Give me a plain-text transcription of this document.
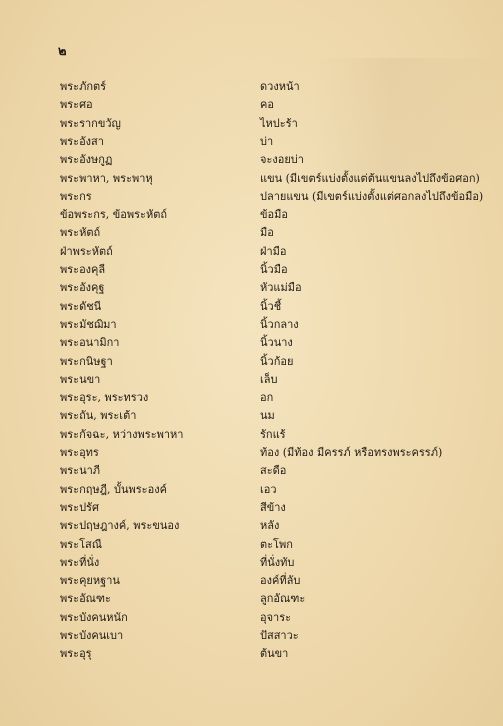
๒
พระภักตร์	ดวงหน้า
พระศอ	คอ
พระรากขวัญ	ไหปะร้า
พระอังสา	บ่า
พระอังษกูฏ	จะงอยบ่า
พระพาหา, พระพาหุ	แขน (มีเขตร์แบ่งตั้งแต่ต้นแขนลงไปถึงข้อศอก)
พระกร	ปลายแขน (มีเขตร์แบ่งตั้งแต่ศอกลงไปถึงข้อมือ)
ข้อพระกร, ข้อพระหัตถ์	ข้อมือ
พระหัตถ์	มือ
ฝ่าพระหัตถ์	ฝ่ามือ
พระองคุลี	นิ้วมือ
พระอังคุฐ	หัวแม่มือ
พระดัชนี	นิ้วชี้
พระมัชฌิมา	นิ้วกลาง
พระอนามิกา	นิ้วนาง
พระกนิษฐา	นิ้วก้อย
พระนขา	เล็บ
พระอุระ, พระทรวง	อก
พระถัน, พระเต้า	นม
พระกัจฉะ, หว่างพระพาหา	รักแร้
พระอุทร	ท้อง (มีท้อง มีครรภ์ หรือทรงพระครรภ์)
พระนาภี	สะดือ
พระกฤษฎี, บั้นพระองค์	เอว
พระปรัศ	สีข้าง
พระปฤษฎางค์, พระขนอง	หลัง
พระโสณี	ตะโพก
พระที่นั่ง	ที่นั่งทับ
พระคุยหฐาน	องค์ที่ลับ
พระอัณฑะ	ลูกอัณฑะ
พระบังคนหนัก	อุจาระ
พระบังคนเบา	ปัสสาวะ
พระอุรุ	ต้นขา
